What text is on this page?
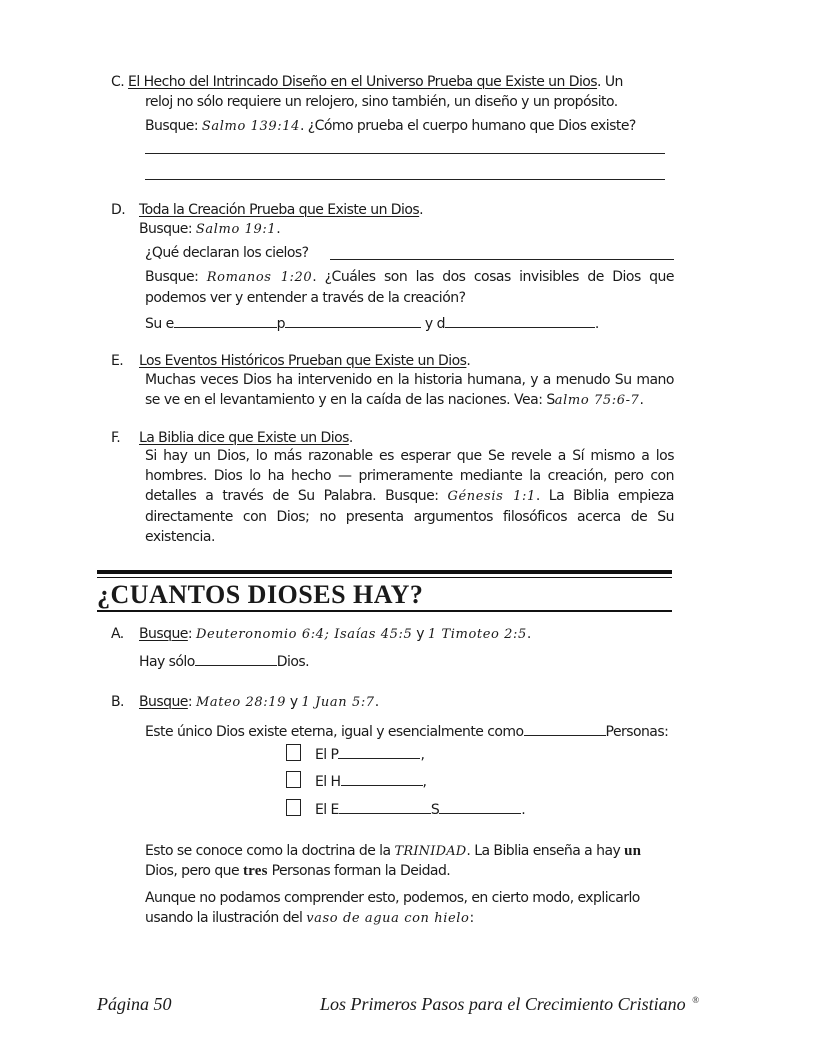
C. El Hecho del Intrincado Diseño en el Universo Prueba que Existe un Dios. Un
reloj no sólo requiere un relojero, sino también, un diseño y un propósito.
Busque: Salmo 139:14. ¿Cómo prueba el cuerpo humano que Dios existe?
D. Toda la Creación Prueba que Existe un Dios.
Busque: Salmo 19:1.
¿Qué declaran los cielos?
Busque: Romanos 1:20. ¿Cuáles son las dos cosas invisibles de Dios que podemos ver y entender a través de la creación?
Su e	p	y d	.
E. Los Eventos Históricos Prueban que Existe un Dios.
Muchas veces Dios ha intervenido en la historia humana, y a menudo Su mano se ve en el levantamiento y en la caída de las naciones. Vea: Salmo 75:6-7.
F. La Biblia dice que Existe un Dios.
Si hay un Dios, lo más razonable es esperar que Se revele a Sí mismo a los hombres. Dios lo ha hecho — primeramente mediante la creación, pero con detalles a través de Su Palabra. Busque: Génesis 1:1. La Biblia empieza directamente con Dios; no presenta argumentos filosóficos acerca de Su existencia.
¿CUANTOS DIOSES HAY?
A. Busque: Deuteronomio 6:4; Isaías 45:5 y 1 Timoteo 2:5.
Hay sólo	Dios.
B. Busque: Mateo 28:19 y 1 Juan 5:7.
Este único Dios existe eterna, igual y esencialmente como	Personas:
El P	,
El H	,
El E	S	.
Esto se conoce como la doctrina de la TRINIDAD. La Biblia enseña a hay un
Dios, pero que tres Personas forman la Deidad.
Aunque no podamos comprender esto, podemos, en cierto modo, explicarlo
usando la ilustración del vaso de agua con hielo:
Página 50	Los Primeros Pasos para el Crecimiento Cristiano ®
